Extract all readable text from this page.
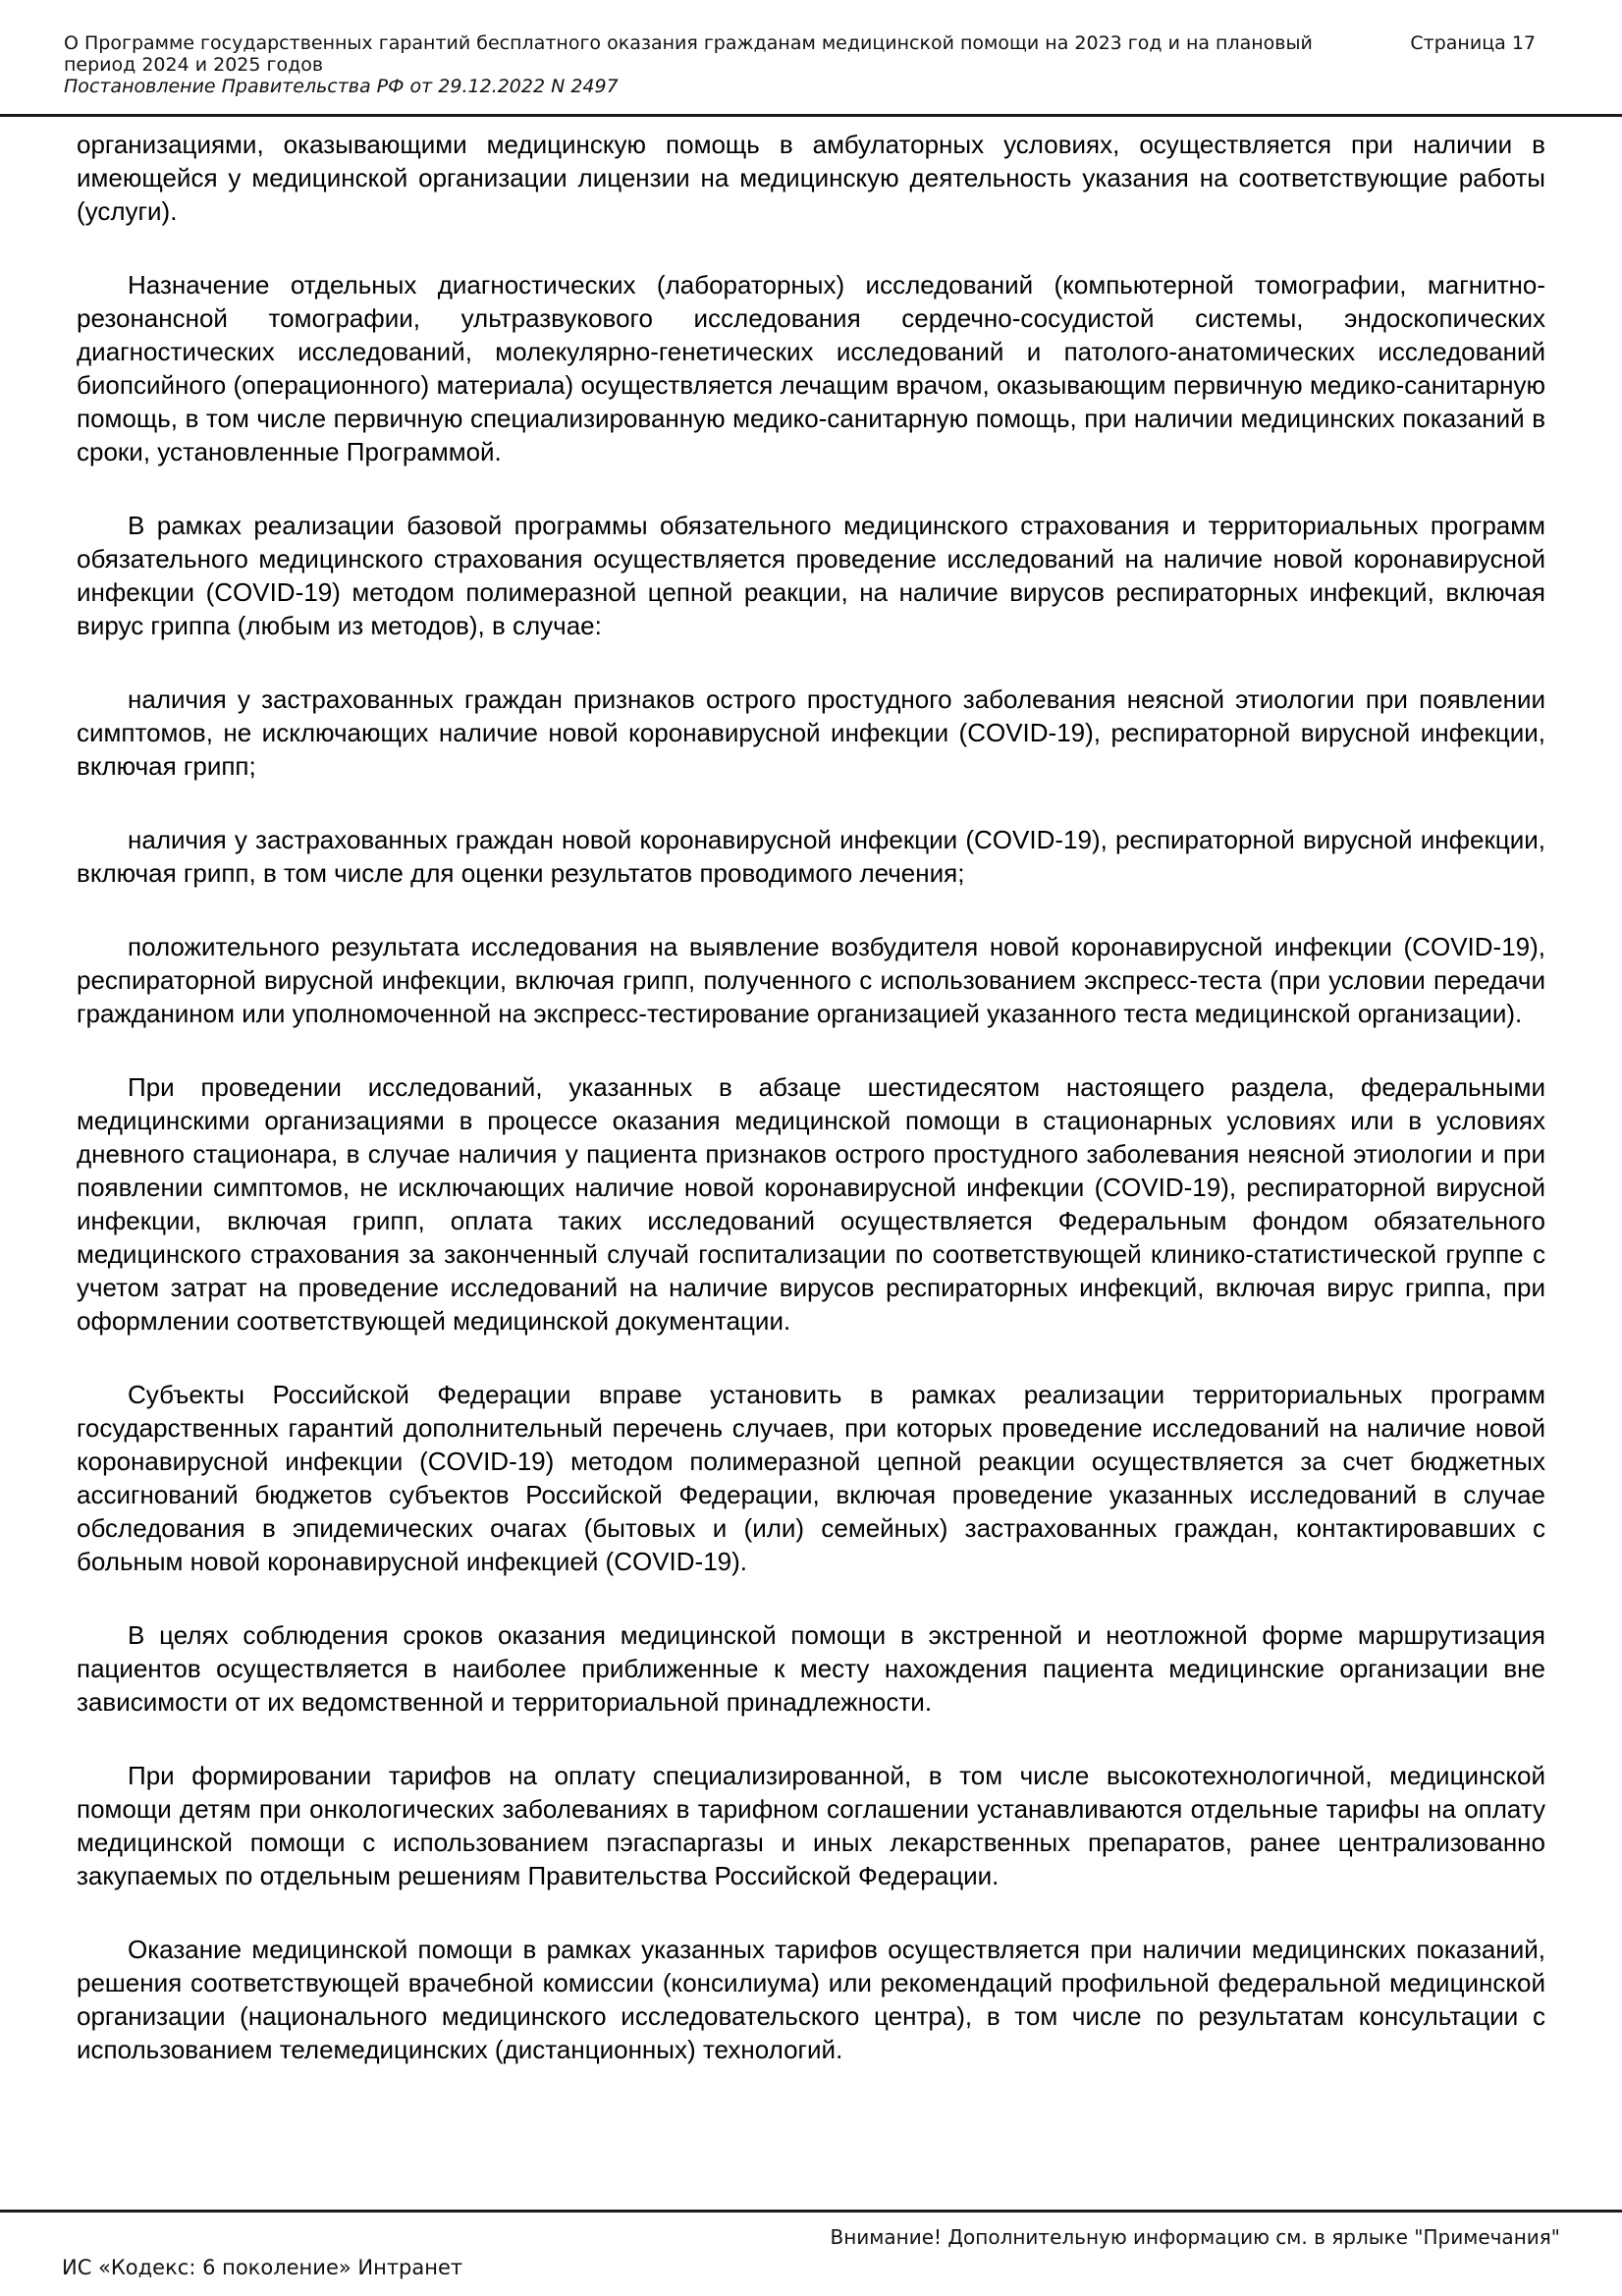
О Программе государственных гарантий бесплатного оказания гражданам медицинской помощи на 2023 год и на плановый период 2024 и 2025 годов
Постановление Правительства РФ от 29.12.2022 N 2497
Страница 17

организациями, оказывающими медицинскую помощь в амбулаторных условиях, осуществляется при наличии в имеющейся у медицинской организации лицензии на медицинскую деятельность указания на соответствующие работы (услуги).

Назначение отдельных диагностических (лабораторных) исследований (компьютерной томографии, магнитно-резонансной томографии, ультразвукового исследования сердечно-сосудистой системы, эндоскопических диагностических исследований, молекулярно-генетических исследований и патолого-анатомических исследований биопсийного (операционного) материала) осуществляется лечащим врачом, оказывающим первичную медико-санитарную помощь, в том числе первичную специализированную медико-санитарную помощь, при наличии медицинских показаний в сроки, установленные Программой.

В рамках реализации базовой программы обязательного медицинского страхования и территориальных программ обязательного медицинского страхования осуществляется проведение исследований на наличие новой коронавирусной инфекции (COVID-19) методом полимеразной цепной реакции, на наличие вирусов респираторных инфекций, включая вирус гриппа (любым из методов), в случае:

наличия у застрахованных граждан признаков острого простудного заболевания неясной этиологии при появлении симптомов, не исключающих наличие новой коронавирусной инфекции (COVID-19), респираторной вирусной инфекции, включая грипп;

наличия у застрахованных граждан новой коронавирусной инфекции (COVID-19), респираторной вирусной инфекции, включая грипп, в том числе для оценки результатов проводимого лечения;

положительного результата исследования на выявление возбудителя новой коронавирусной инфекции (COVID-19), респираторной вирусной инфекции, включая грипп, полученного с использованием экспресс-теста (при условии передачи гражданином или уполномоченной на экспресс-тестирование организацией указанного теста медицинской организации).

При проведении исследований, указанных в абзаце шестидесятом настоящего раздела, федеральными медицинскими организациями в процессе оказания медицинской помощи в стационарных условиях или в условиях дневного стационара, в случае наличия у пациента признаков острого простудного заболевания неясной этиологии и при появлении симптомов, не исключающих наличие новой коронавирусной инфекции (COVID-19), респираторной вирусной инфекции, включая грипп, оплата таких исследований осуществляется Федеральным фондом обязательного медицинского страхования за законченный случай госпитализации по соответствующей клинико-статистической группе с учетом затрат на проведение исследований на наличие вирусов респираторных инфекций, включая вирус гриппа, при оформлении соответствующей медицинской документации.

Субъекты Российской Федерации вправе установить в рамках реализации территориальных программ государственных гарантий дополнительный перечень случаев, при которых проведение исследований на наличие новой коронавирусной инфекции (COVID-19) методом полимеразной цепной реакции осуществляется за счет бюджетных ассигнований бюджетов субъектов Российской Федерации, включая проведение указанных исследований в случае обследования в эпидемических очагах (бытовых и (или) семейных) застрахованных граждан, контактировавших с больным новой коронавирусной инфекцией (COVID-19).

В целях соблюдения сроков оказания медицинской помощи в экстренной и неотложной форме маршрутизация пациентов осуществляется в наиболее приближенные к месту нахождения пациента медицинские организации вне зависимости от их ведомственной и территориальной принадлежности.

При формировании тарифов на оплату специализированной, в том числе высокотехнологичной, медицинской помощи детям при онкологических заболеваниях в тарифном соглашении устанавливаются отдельные тарифы на оплату медицинской помощи с использованием пэгаспаргазы и иных лекарственных препаратов, ранее централизованно закупаемых по отдельным решениям Правительства Российской Федерации.

Оказание медицинской помощи в рамках указанных тарифов осуществляется при наличии медицинских показаний, решения соответствующей врачебной комиссии (консилиума) или рекомендаций профильной федеральной медицинской организации (национального медицинского исследовательского центра), в том числе по результатам консультации с использованием телемедицинских (дистанционных) технологий.

Внимание! Дополнительную информацию см. в ярлыке "Примечания"
ИС «Кодекс: 6 поколение» Интранет
